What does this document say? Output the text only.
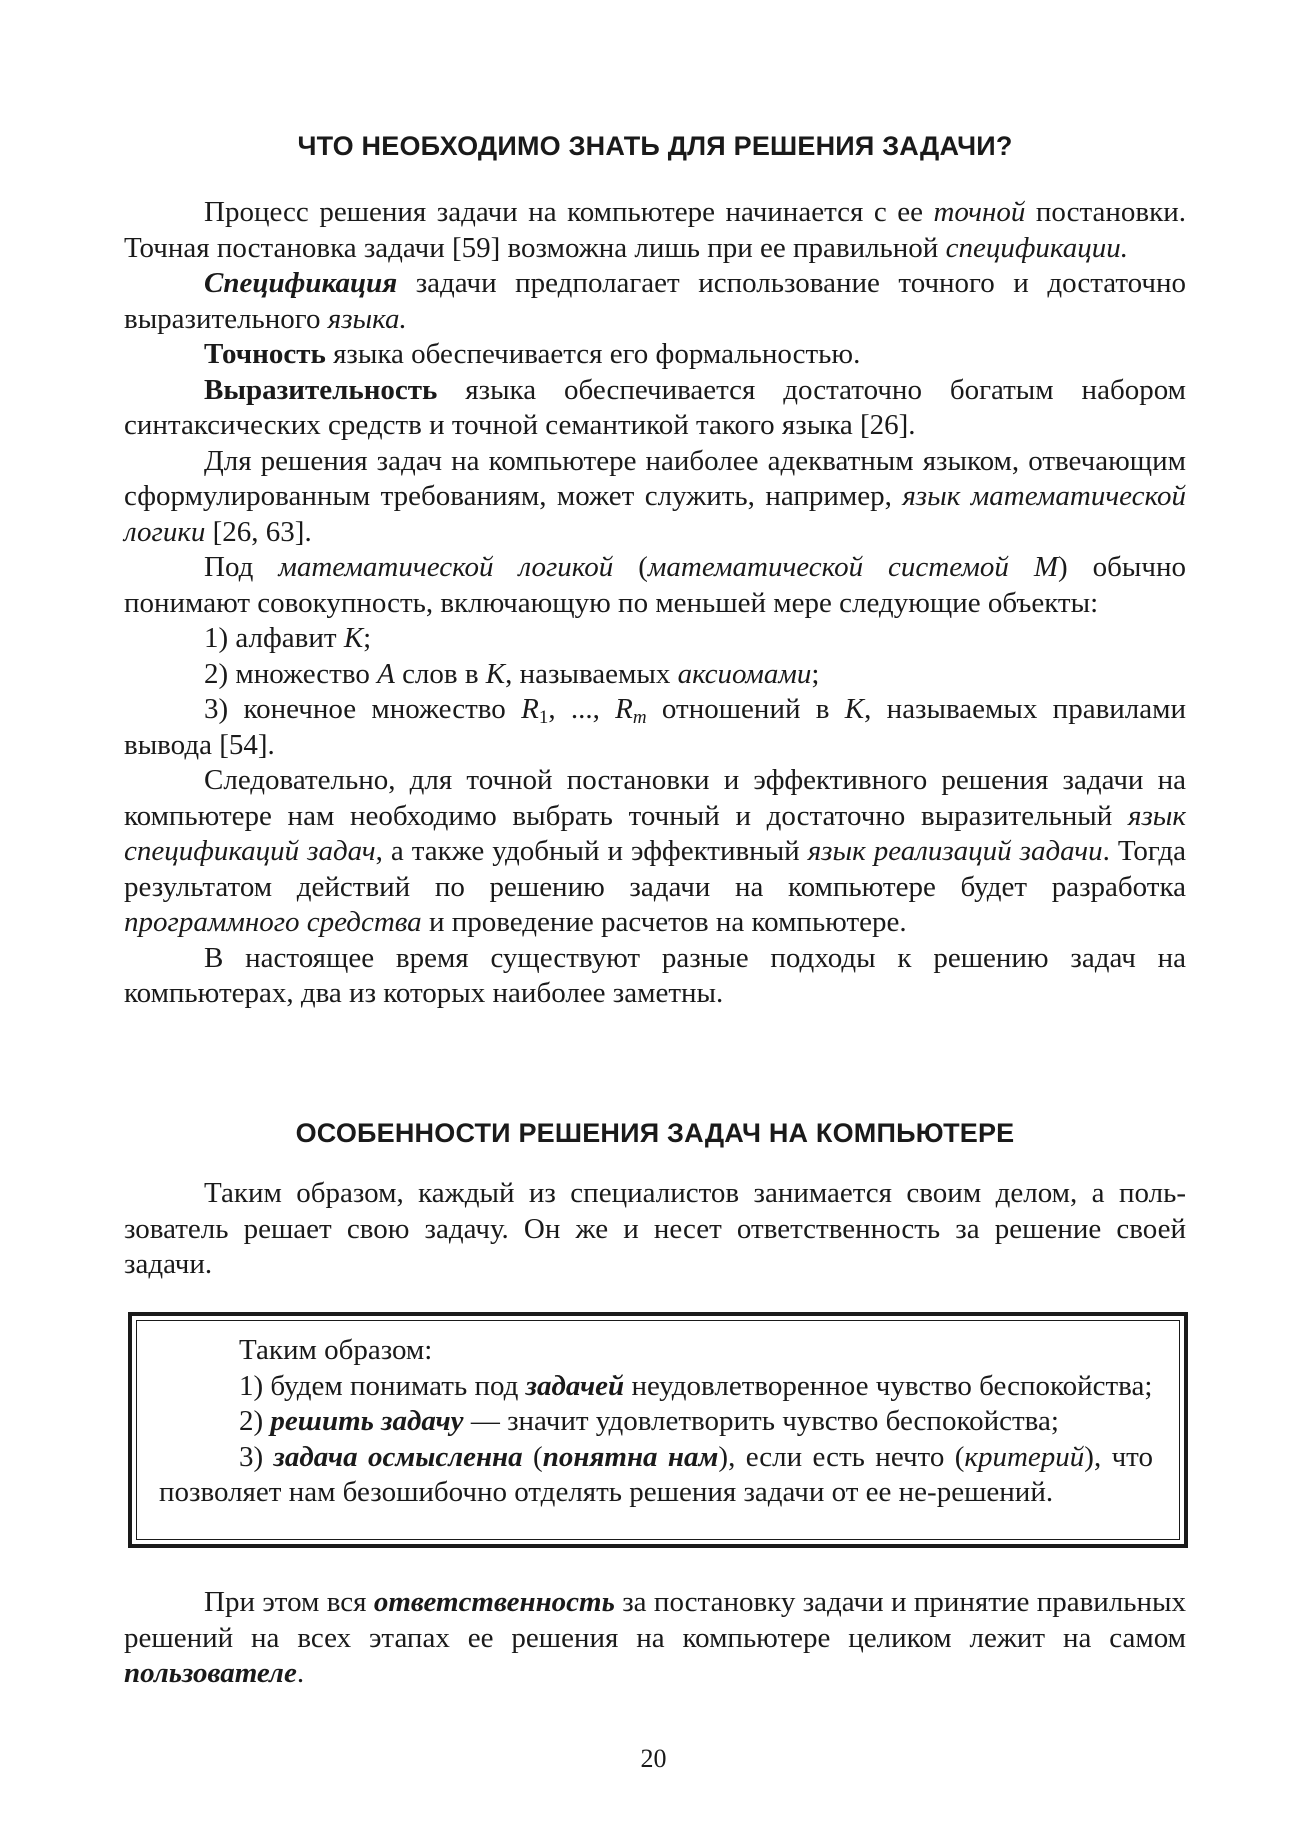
ЧТО НЕОБХОДИМО ЗНАТЬ ДЛЯ РЕШЕНИЯ ЗАДАЧИ?

Процесс решения задачи на компьютере начинается с ее точной постановки. Точная постановка задачи [59] возможна лишь при ее правильной спецификации.

Спецификация задачи предполагает использование точного и достаточно выразительного языка.

Точность языка обеспечивается его формальностью.

Выразительность языка обеспечивается достаточно богатым набором синтаксических средств и точной семантикой такого языка [26].

Для решения задач на компьютере наиболее адекватным языком, отвечающим сформулированным требованиям, может служить, например, язык математической логики [26, 63].

Под математической логикой (математической системой M) обычно понимают совокупность, включающую по меньшей мере следующие объекты:

1) алфавит K;

2) множество A слов в K, называемых аксиомами;

3) конечное множество $R_1$, ..., $R_m$ отношений в K, называемых правилами вывода [54].

Следовательно, для точной постановки и эффективного решения задачи на компьютере нам необходимо выбрать точный и достаточно выразительный язык спецификаций задач, а также удобный и эффективный язык реализаций задачи. Тогда результатом действий по решению задачи на компьютере будет разработка программного средства и проведение расчетов на компьютере.

В настоящее время существуют разные подходы к решению задач на компьютерах, два из которых наиболее заметны.

ОСОБЕННОСТИ РЕШЕНИЯ ЗАДАЧ НА КОМПЬЮТЕРЕ

Таким образом, каждый из специалистов занимается своим делом, а пользователь решает свою задачу. Он же и несет ответственность за решение своей задачи.

Таким образом:

1) будем понимать под задачей неудовлетворенное чувство беспокойства;

2) решить задачу — значит удовлетворить чувство беспокойства;

3) задача осмысленна (понятна нам), если есть нечто (критерий), что позволяет нам безошибочно отделять решения задачи от ее не-решений.

При этом вся ответственность за постановку задачи и принятие правильных решений на всех этапах ее решения на компьютере целиком лежит на самом пользователе.

20
